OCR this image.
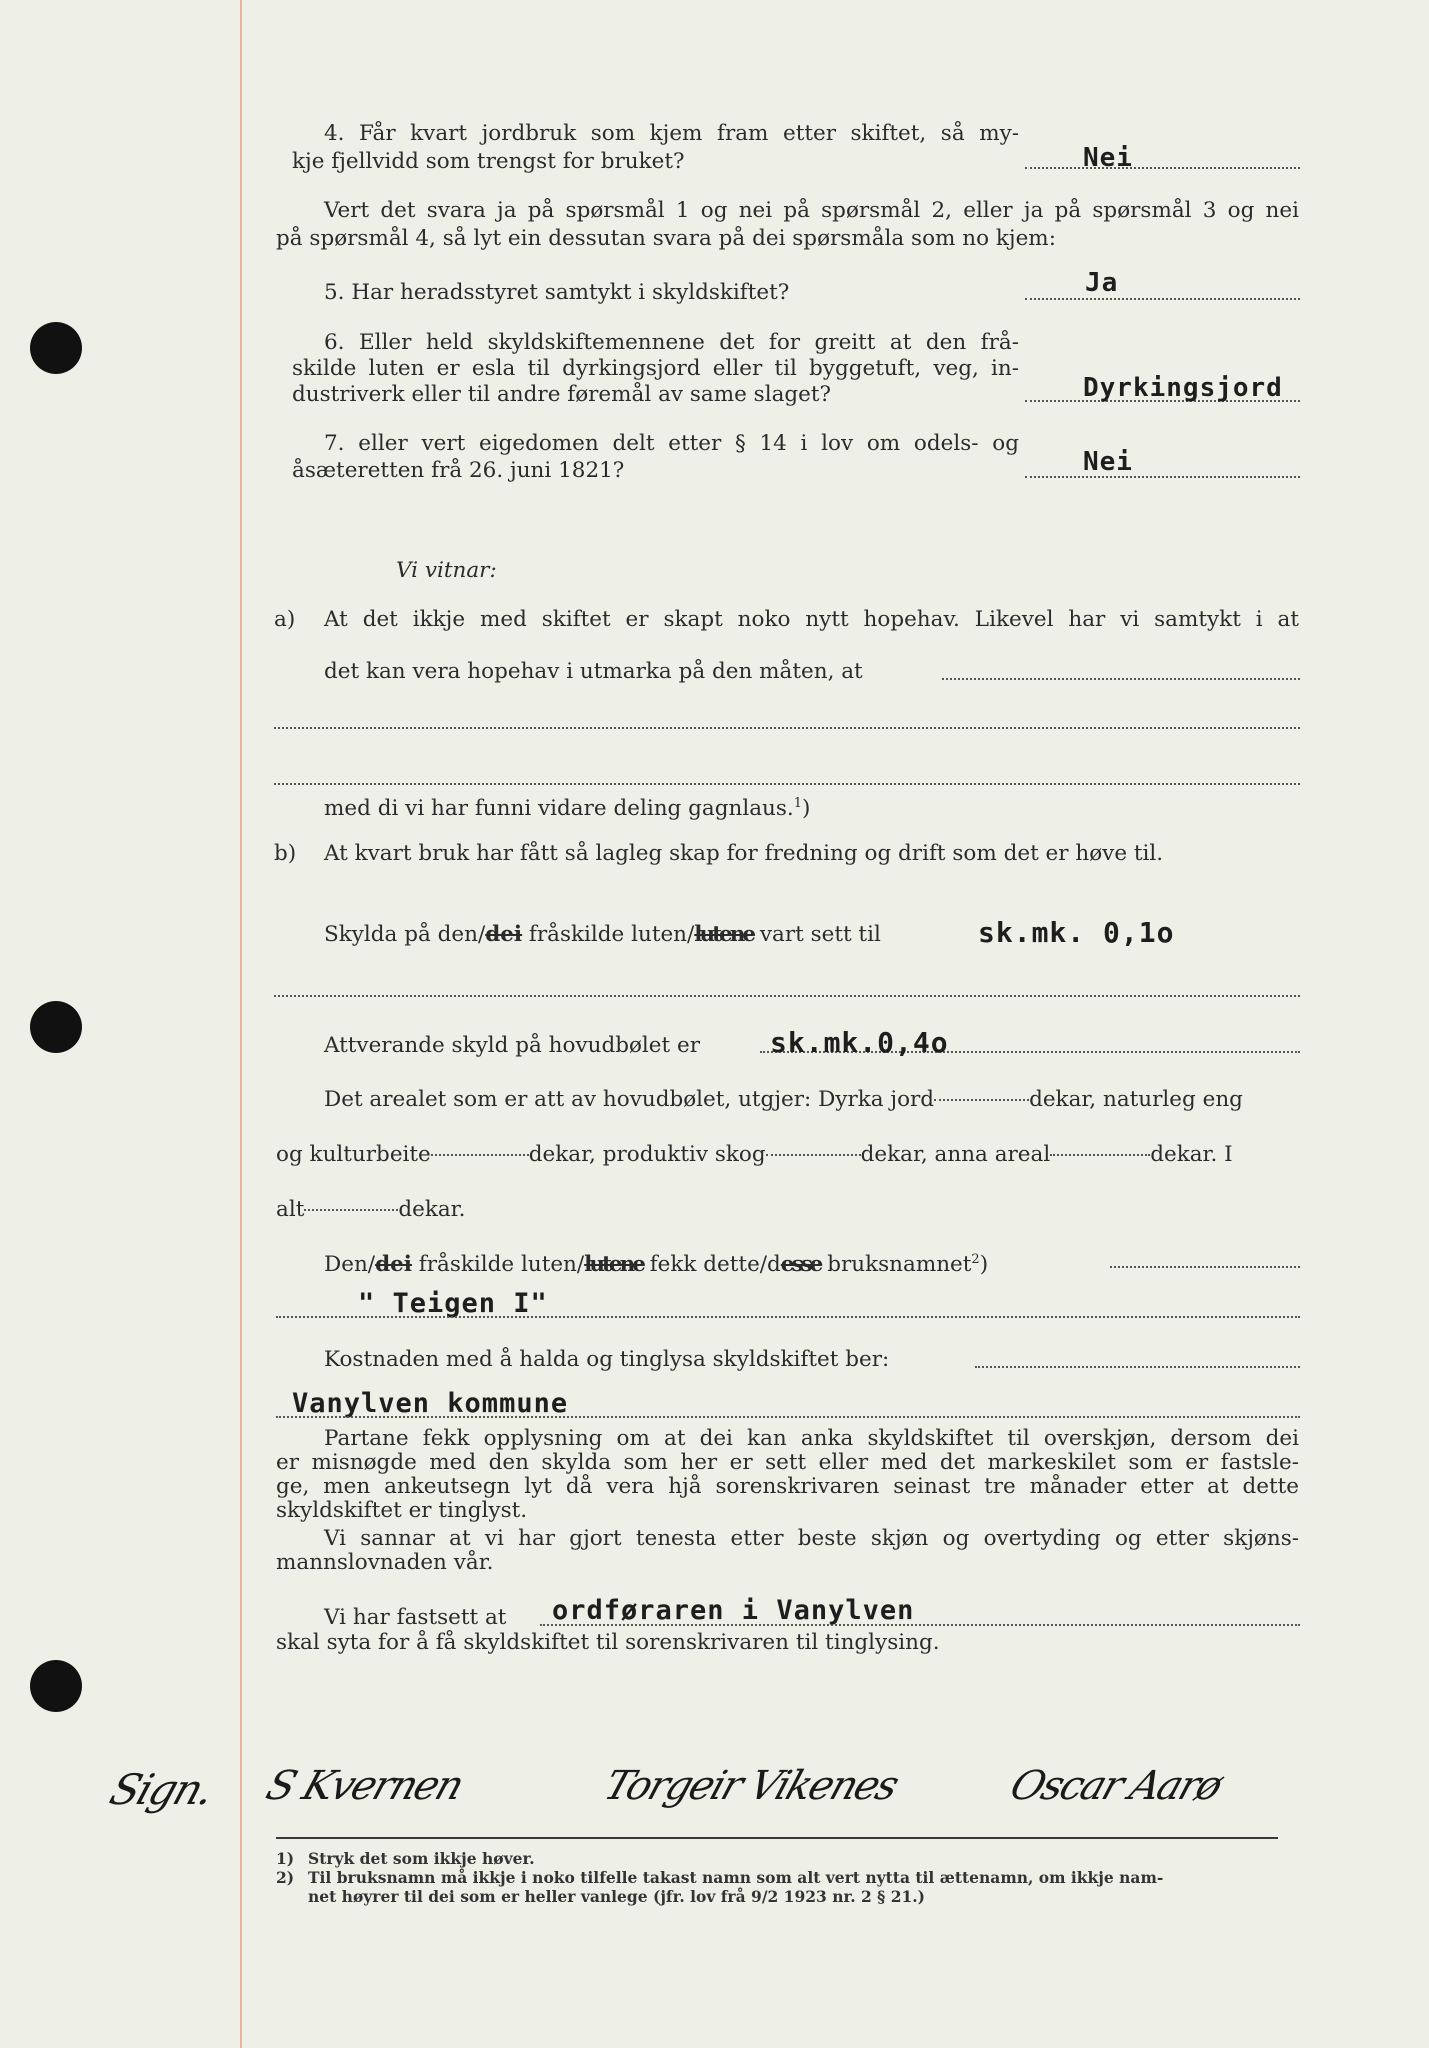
4. Får kvart jordbruk som kjem fram etter skiftet, så my-
kje fjellvidd som trengst for bruket?	Nei
Vert det svara ja på spørsmål 1 og nei på spørsmål 2, eller ja på spørsmål 3 og nei
på spørsmål 4, så lyt ein dessutan svara på dei spørsmåla som no kjem:
5. Har heradsstyret samtykt i skyldskiftet?	Ja
6. Eller held skyldskiftemennene det for greitt at den frå-
skilde luten er esla til dyrkingsjord eller til byggetuft, veg, in-
dustriverk eller til andre føremål av same slaget?	Dyrkingsjord
7. eller vert eigedomen delt etter § 14 i lov om odels- og
åsæteretten frå 26. juni 1821?	Nei
Vi vitnar:
a) At det ikkje med skiftet er skapt noko nytt hopehav. Likevel har vi samtykt i at
det kan vera hopehav i utmarka på den måten, at
med di vi har funni vidare deling gagnlaus.$^1$)
b) At kvart bruk har fått så lagleg skap for fredning og drift som det er høve til.
Skylda på den/dei fråskilde luten/lutene vart sett til	sk.mk. 0,1o
Attverande skyld på hovudbølet er	sk.mk.0,4o
Det arealet som er att av hovudbølet, utgjer: Dyrka jord	dekar, naturleg eng
og kulturbeite	dekar, produktiv skog	dekar, anna areal	dekar. I
alt	dekar.
Den/dei fråskilde luten/lutene fekk dette/desse bruksnamnet$^2$)
" Teigen I"
Kostnaden med å halda og tinglysa skyldskiftet ber:
Vanylven kommune
Partane fekk opplysning om at dei kan anka skyldskiftet til overskjøn, dersom dei
er misnøgde med den skylda som her er sett eller med det markeskilet som er fastsle-
ge, men ankeutsegn lyt då vera hjå sorenskrivaren seinast tre månader etter at dette
skyldskiftet er tinglyst.
Vi sannar at vi har gjort tenesta etter beste skjøn og overtyding og etter skjøns-
mannslovnaden vår.
Vi har fastsett at ordføraren i Vanylven
skal syta for å få skyldskiftet til sorenskrivaren til tinglysing.
Sign. S Kvernen	Torgeir Vikenes	Oscar Aarø
1) Stryk det som ikkje høver.
2) Til bruksnamn må ikkje i noko tilfelle takast namn som alt vert nytta til ættenamn, om ikkje nam-
net høyrer til dei som er heller vanlege (jfr. lov frå 9/2 1923 nr. 2 § 21.)
